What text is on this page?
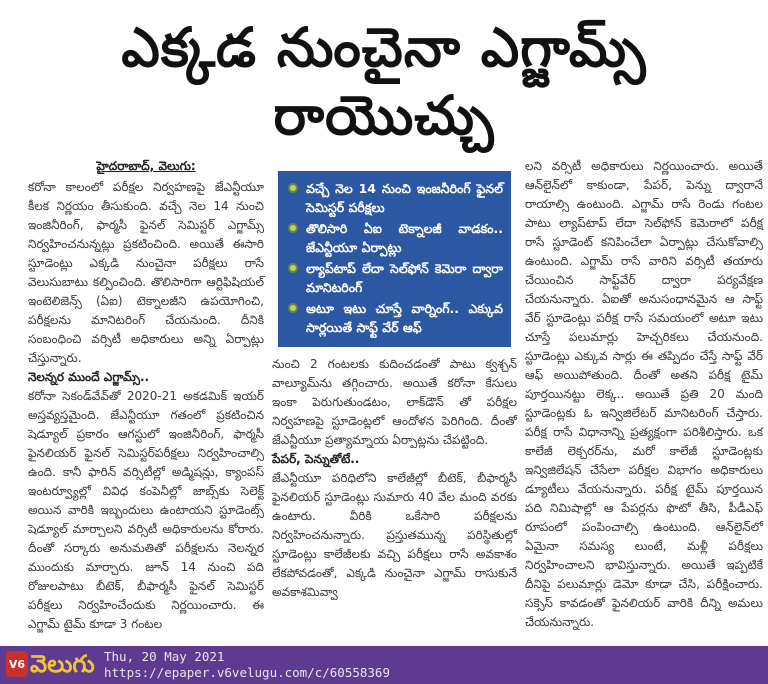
ఎక్కడ నుంచైనా ఎగ్జామ్స్ రాయొచ్చు
హైదరాబాద్, వెలుగు:

కరోనా కాలంలో పరీక్షల నిర్వహణపై జేఎన్టీయూ కీలక నిర్ణయం తీసుకుంది. వచ్చే నెల 14 నుంచి ఇంజినీరింగ్, ఫార్మసీ ఫైనల్ సెమిస్టర్ ఎగ్జామ్స్ నిర్వహించనున్నట్లు ప్రకటించింది. అయితే ఈసారి స్టూడెంట్లు ఎక్కడి నుంచైనా పరీక్షలు రాసే వెలుసుబాటు కల్పించింది. తొలిసారిగా ఆర్టిఫిషియల్ ఇంటెలిజెన్స్ (ఏఐ) టెక్నాలజీని ఉపయోగించి, పరీక్షలను మానిటరింగ్ చేయనుంది. దీనికి సంబంధించి వర్సిటీ అధికారులు అన్ని ఏర్పాట్లు చేస్తున్నారు.

నెలన్నర ముందే ఎగ్జామ్స్..

కరోనా సెకండ్‌వేవ్‌తో 2020-21 అకడమిక్ ఇయర్ అస్తవ్యస్తమైంది. జేఎన్టీయూ గతంలో ప్రకటించిన షెడ్యూల్ ప్రకారం ఆగస్టులో ఇంజినీరింగ్, ఫార్మసీ ఫైనలియర్ ఫైనల్ సెమిస్టర్‌పరీక్షలు నిర్వహించాల్సి ఉంది. కానీ ఫారిన్ వర్సిటీల్లో అడ్మిషన్లు, క్యాంపస్ ఇంటర్వ్యూల్లో వివిధ కంపెనీల్లో జాబ్స్‌కు సెలెక్ట్ అయిన వారికి ఇబ్బందులు ఉంటాయని స్టూడెంట్స్ షెడ్యూల్ మార్చాలని వర్సిటీ అధికారులను కోరారు. దీంతో సర్కారు అనుమతితో పరీక్షలను నెలన్నర ముందుకు మార్చారు. జూన్ 14 నుంచి పది రోజులపాటు బీటెక్, బీఫార్మసీ ఫైనల్ సెమిస్టర్ పరీక్షలు నిర్వహించేందుకు నిర్ణయించారు. ఈ ఎగ్జామ్ టైమ్ కూడా 3 గంటల

వచ్చే నెల 14 నుంచి ఇంజనీరింగ్ ఫైనల్ సెమిస్టర్ పరీక్షలు
తొలిసారి ఏఐ టెక్నాలజీ వాడకం.. జేఎన్టీయూ ఏర్పాట్లు
ల్యాప్‌టాప్ లేదా సెల్‌ఫోన్ కెమెరా ద్వారా మానిటరింగ్
అటూ ఇటు చూస్తే వార్నింగ్.. ఎక్కువ సార్లయితే సాఫ్ట్ వేర్ ఆఫ్

నుంచి 2 గంటలకు కుదించడంతో పాటు క్వశ్చన్ వాల్యూమ్‌ను తగ్గించారు. అయితే కరోనా కేసులు ఇంకా పెరుగుతుండటం, లాక్‌డౌన్ తో పరీక్షల నిర్వహణపై స్టూడెంట్లలో ఆందోళన పెరిగింది. దీంతో జేఎన్టీయూ ప్రత్యామ్నాయ ఏర్పాట్లను చేపట్టింది.

పేపర్, పెన్నుతోటే..

జేఎన్టీయూ పరిధిలోని కాలేజీల్లో బీటెక్, బీఫార్మసీ ఫైనలియర్ స్టూడెంట్లు సుమారు 40 వేల మంది వరకు ఉంటారు. వీరికి ఒకేసారి పరీక్షలను నిర్వహించనున్నారు. ప్రస్తుతమున్న పరిస్థితుల్లో స్టూడెంట్లు కాలేజీలకు వచ్చి పరీక్షలు రాసే అవకాశం లేకపోవడంతో, ఎక్కడి నుంచైనా ఎగ్జామ్ రాసుకునే అవకాశమివ్వా

లని వర్సిటీ అధికారులు నిర్ణయించారు. అయితే ఆన్‌లైన్‌లో కాకుండా, పేపర్, పెన్ను ద్వారానే రాయాల్సి ఉంటుంది. ఎగ్జామ్ రాసే రెండు గంటల పాటు ల్యాప్‌టాప్ లేదా సెల్‌ఫోన్ కెమెరాలో పరీక్ష రాసే స్టూడెంట్ కనిపించేలా ఏర్పాట్లు చేసుకోవాల్సి ఉంటుంది. ఎగ్జామ్ రాసే వారిని వర్సిటీ తయారు చేయించిన సాఫ్ట్‌వేర్ ద్వారా పర్యవేక్షణ చేయనున్నారు. ఏఐతో అనుసంధానమైన ఆ సాఫ్ట్ వేర్ స్టూడెంట్లు పరీక్ష రాసే సమయంలో అటూ ఇటు చూస్తే పలుమార్లు హెచ్చరికలు చేయనుంది. స్టూడెంట్లు ఎక్కువ సార్లు ఈ తప్పిదం చేస్తే సాఫ్ట్ వేర్ ఆఫ్ అయిపోతుంది. దీంతో అతని పరీక్ష టైమ్ పూర్తయినట్టు లెక్క.. అయితే ప్రతి 20 మంది స్టూడెంట్లకు ఓ ఇన్విజిలేటర్ మానిటరింగ్ చేస్తారు. పరీక్ష రాసే విధానాన్ని ప్రత్యక్షంగా పరిశీలిస్తారు. ఒక కాలేజీ లెక్చరర్‌ను, మరో కాలేజీ స్టూడెంట్లకు ఇన్విజిలేషన్ చేసేలా పరీక్షల విభాగం అధికారులు డ్యూటీలు వేయనున్నారు. పరీక్ష టైమ్ పూర్తయిన పది నిమిషాల్లో ఆ పేపర్లను ఫొటో తీసి, పీడీఎఫ్ రూపంలో పంపించాల్సి ఉంటుంది. ఆన్‌లైన్‌లో ఏమైనా సమస్య లుంటే, మళ్లీ పరీక్షలు నిర్వహించాలని భావిస్తున్నారు. అయితే ఇప్పటికే దీనిపై పలుమార్లు డెమో కూడా చేసి, పరీక్షించారు. సక్సెస్ కావడంతో ఫైనలియర్ వారికి దీన్ని అమలు చేయనున్నారు.

V6 వెలుగు Thu, 20 May 2021
https://epaper.v6velugu.com/c/60558369
